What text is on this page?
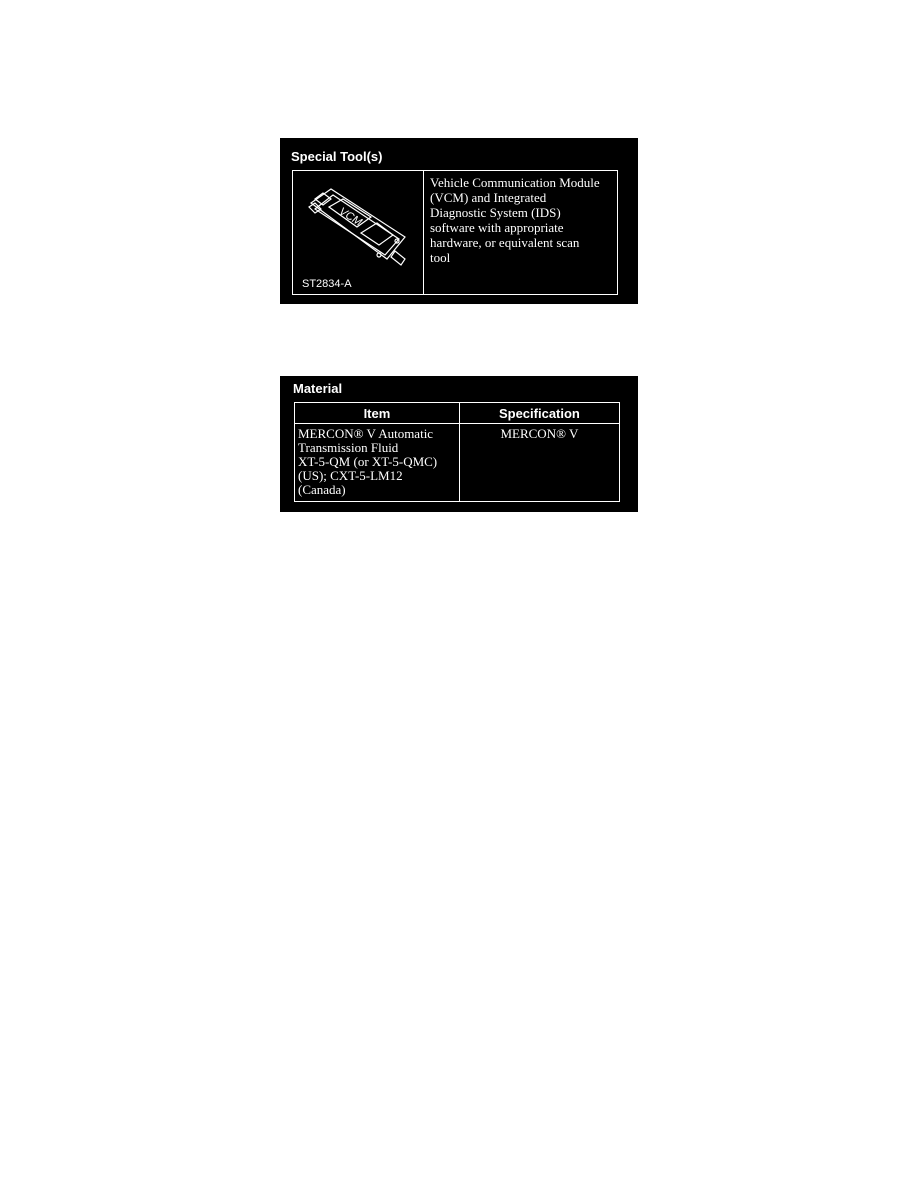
Special Tool(s)
VCM
ST2834-A
Vehicle Communication Module
(VCM) and Integrated
Diagnostic System (IDS)
software with appropriate
hardware, or equivalent scan
tool
Material
Item	Specification

MERCON® V Automatic
Transmission Fluid
XT-5-QM (or XT-5-QMC)
(US); CXT-5-LM12
(Canada)	MERCON® V
